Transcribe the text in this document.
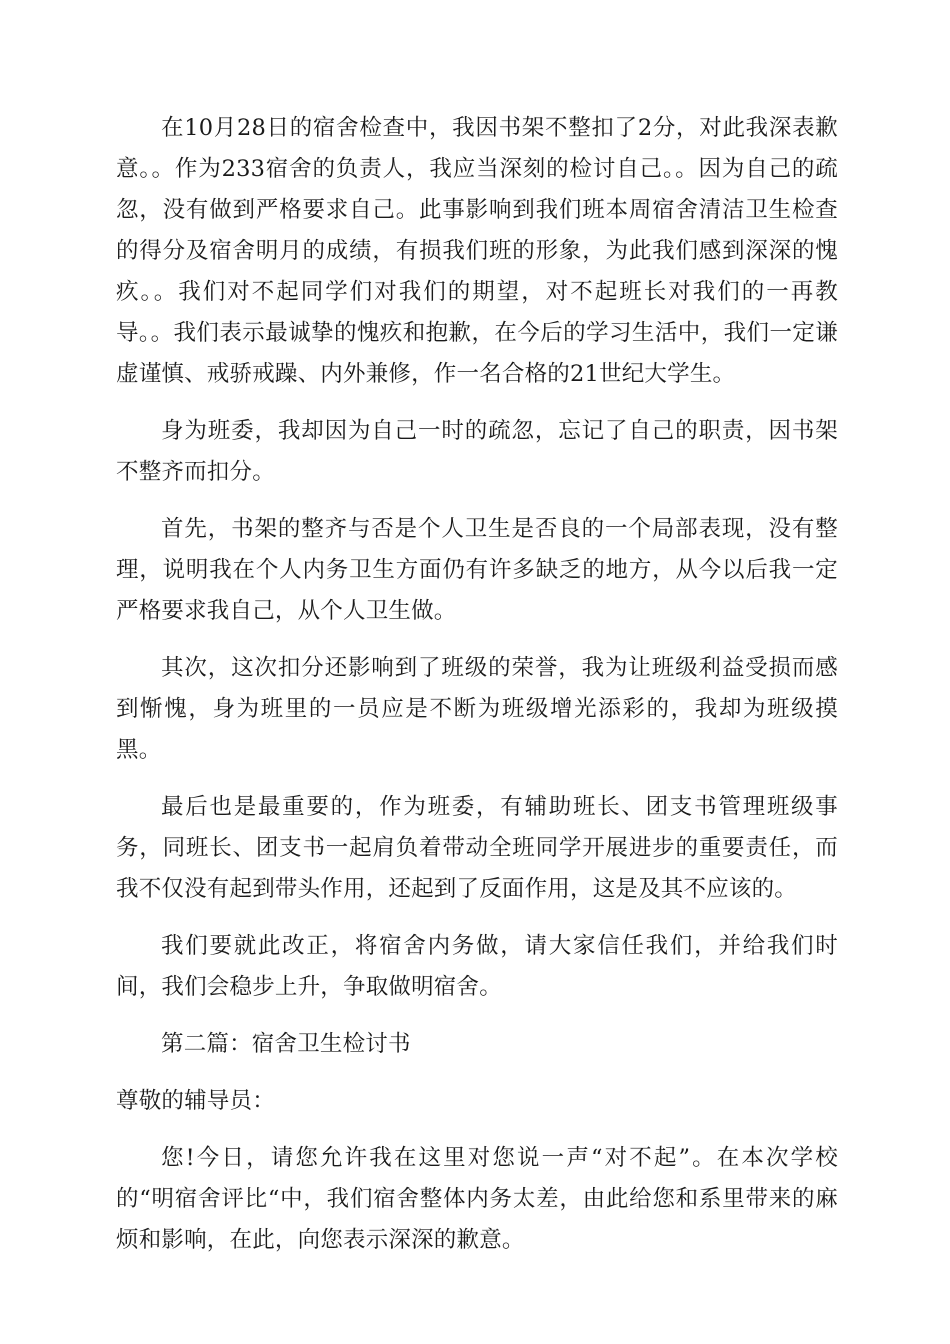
在10月28日的宿舍检查中，我因书架不整扣了2分，对此我深表歉意。。作为233宿舍的负责人，我应当深刻的检讨自己。。因为自己的疏忽，没有做到严格要求自己。此事影响到我们班本周宿舍清洁卫生检查的得分及宿舍明月的成绩，有损我们班的形象，为此我们感到深深的愧疚。。我们对不起同学们对我们的期望，对不起班长对我们的一再教导。。我们表示最诚挚的愧疚和抱歉，在今后的学习生活中，我们一定谦虚谨慎、戒骄戒躁、内外兼修，作一名合格的21世纪大学生。

身为班委，我却因为自己一时的疏忽，忘记了自己的职责，因书架不整齐而扣分。

首先，书架的整齐与否是个人卫生是否良的一个局部表现，没有整理，说明我在个人内务卫生方面仍有许多缺乏的地方，从今以后我一定严格要求我自己，从个人卫生做。

其次，这次扣分还影响到了班级的荣誉，我为让班级利益受损而感到惭愧，身为班里的一员应是不断为班级增光添彩的，我却为班级摸黑。

最后也是最重要的，作为班委，有辅助班长、团支书管理班级事务，同班长、团支书一起肩负着带动全班同学开展进步的重要责任，而我不仅没有起到带头作用，还起到了反面作用，这是及其不应该的。

我们要就此改正，将宿舍内务做，请大家信任我们，并给我们时间，我们会稳步上升，争取做明宿舍。

第二篇：宿舍卫生检讨书

尊敬的辅导员：

您!今日，请您允许我在这里对您说一声“对不起”。在本次学校的“明宿舍评比“中，我们宿舍整体内务太差，由此给您和系里带来的麻烦和影响，在此，向您表示深深的歉意。
